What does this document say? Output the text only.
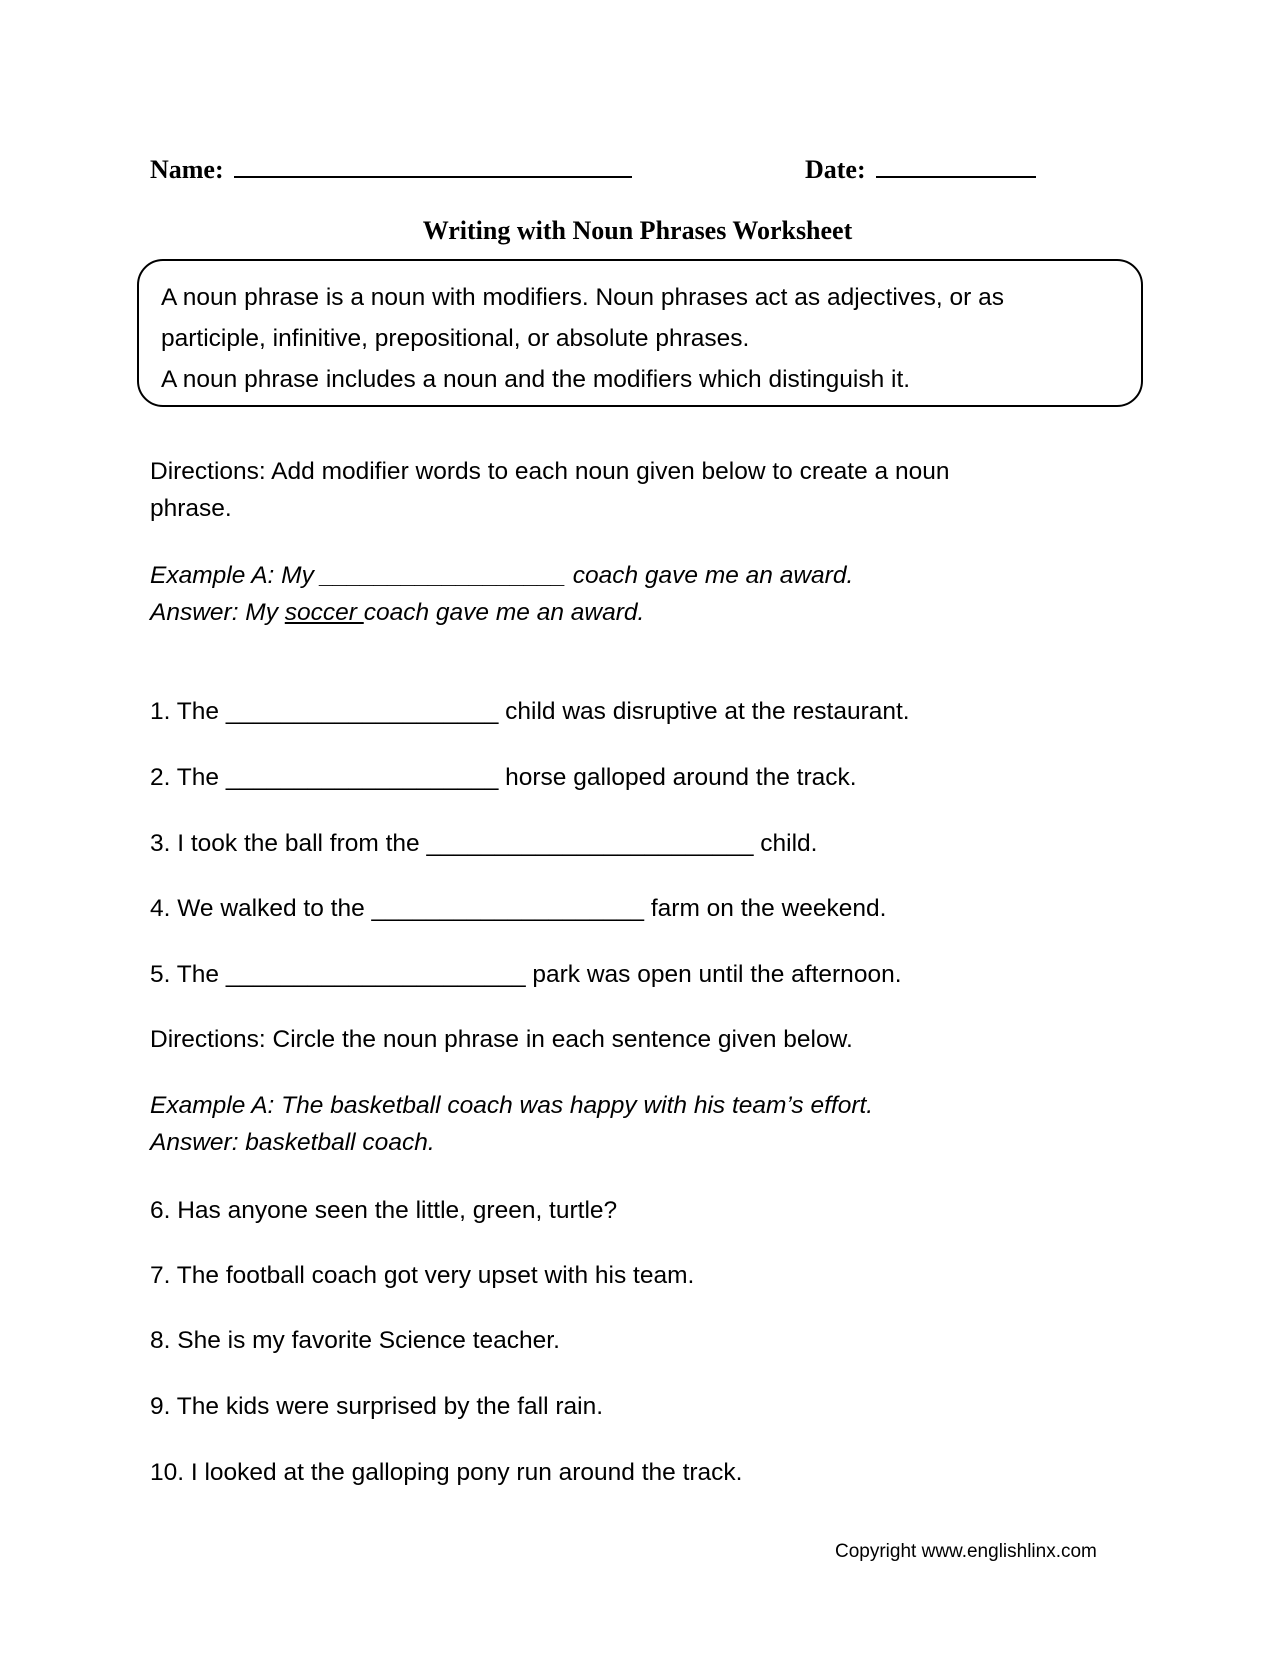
Name:	Date:
Writing with Noun Phrases Worksheet
A noun phrase is a noun with modifiers. Noun phrases act as adjectives, or as
participle, infinitive, prepositional, or absolute phrases.
A noun phrase includes a noun and the modifiers which distinguish it.
Directions: Add modifier words to each noun given below to create a noun
phrase.
Example A: My __________________ coach gave me an award.
Answer: My soccer coach gave me an award.
1. The ____________________ child was disruptive at the restaurant.
2. The ____________________ horse galloped around the track.
3. I took the ball from the ________________________ child.
4. We walked to the ____________________ farm on the weekend.
5. The ______________________ park was open until the afternoon.
Directions: Circle the noun phrase in each sentence given below.
Example A: The basketball coach was happy with his team’s effort.
Answer: basketball coach.
6. Has anyone seen the little, green, turtle?
7. The football coach got very upset with his team.
8. She is my favorite Science teacher.
9. The kids were surprised by the fall rain.
10. I looked at the galloping pony run around the track.
Copyright www.englishlinx.com
